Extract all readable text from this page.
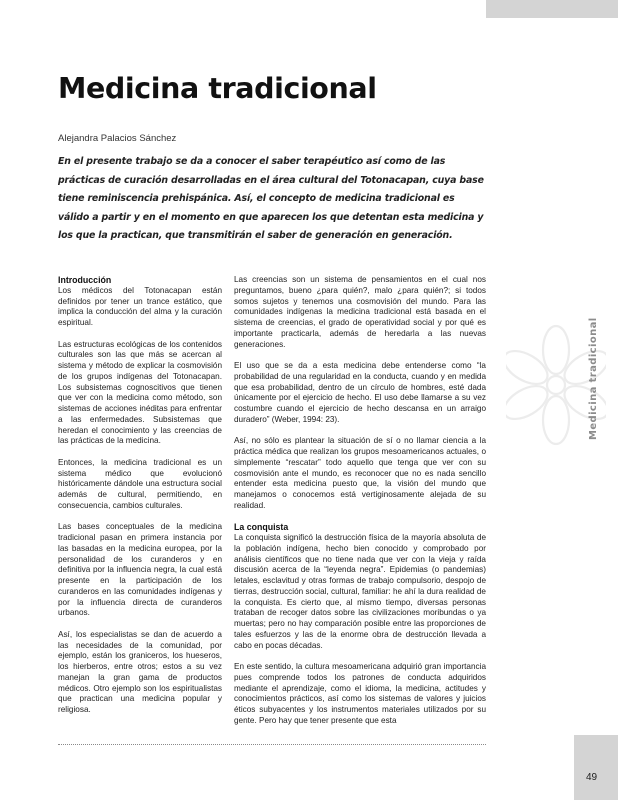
Medicina tradicional
Medicina tradicional
Alejandra Palacios Sánchez
En el presente trabajo se da a conocer el saber terapéutico así como de las prácticas de curación desarrolladas en el área cultural del Totonacapan, cuya base tiene reminiscencia prehispánica. Así, el concepto de medicina tradicional es válido a partir y en el momento en que aparecen los que detentan esta medicina y los que la practican, que transmitirán el saber de generación en generación.
Introducción

Los médicos del Totonacapan están definidos por tener un trance estático, que implica la conducción del alma y la curación espiritual.

Las estructuras ecológicas de los contenidos culturales son las que más se acercan al sistema y método de explicar la cosmovisión de los grupos indígenas del Totonacapan. Los subsistemas cognoscitivos que tienen que ver con la medicina como método, son sistemas de acciones inéditas para enfrentar a las enfermedades. Subsistemas que heredan el conocimiento y las creencias de las prácticas de la medicina.

Entonces, la medicina tradicional es un sistema médico que evolucionó históricamente dándole una estructura social además de cultural, permitiendo, en consecuencia, cambios culturales.

Las bases conceptuales de la medicina tradicional pasan en primera instancia por las basadas en la medicina europea, por la personalidad de los curanderos y en definitiva por la influencia negra, la cual está presente en la participación de los curanderos en las comunidades indígenas y por la influencia directa de curanderos urbanos.

Así, los especialistas se dan de acuerdo a las necesidades de la comunidad, por ejemplo, están los graniceros, los hueseros, los hierberos, entre otros; estos a su vez manejan la gran gama de productos médicos. Otro ejemplo son los espiritualistas que practican una medicina popular y religiosa.

Las creencias son un sistema de pensamientos en el cual nos preguntamos, bueno ¿para quién?, malo ¿para quién?; si todos somos sujetos y tenemos una cosmovisión del mundo. Para las comunidades indígenas la medicina tradicional está basada en el sistema de creencias, el grado de operatividad social y por qué es importante practicarla, además de heredarla a las nuevas generaciones.

El uso que se da a esta medicina debe entenderse como “la probabilidad de una regularidad en la conducta, cuando y en medida que esa probabilidad, dentro de un círculo de hombres, esté dada únicamente por el ejercicio de hecho. El uso debe llamarse a su vez costumbre cuando el ejercicio de hecho descansa en un arraigo duradero” (Weber, 1994: 23).

Así, no sólo es plantear la situación de sí o no llamar ciencia a la práctica médica que realizan los grupos mesoamericanos actuales, o simplemente “rescatar” todo aquello que tenga que ver con su cosmovisión ante el mundo, es reconocer que no es nada sencillo entender esta medicina puesto que, la visión del mundo que manejamos o conocemos está vertiginosamente alejada de su realidad.

La conquista

La conquista significó la destrucción física de la mayoría absoluta de la población indígena, hecho bien conocido y comprobado por análisis científicos que no tiene nada que ver con la vieja y raída discusión acerca de la “leyenda negra”. Epidemias (o pandemias) letales, esclavitud y otras formas de trabajo compulsorio, despojo de tierras, destrucción social, cultural, familiar: he ahí la dura realidad de la conquista. Es cierto que, al mismo tiempo, diversas personas trataban de recoger datos sobre las civilizaciones moribundas o ya muertas; pero no hay comparación posible entre las proporciones de tales esfuerzos y las de la enorme obra de destrucción llevada a cabo en pocas décadas.

En este sentido, la cultura mesoamericana adquirió gran importancia pues comprende todos los patrones de conducta adquiridos mediante el aprendizaje, como el idioma, la medicina, actitudes y conocimientos prácticos, así como los sistemas de valores y juicios éticos subyacentes y los instrumentos materiales utilizados por su gente. Pero hay que tener presente que esta

49
